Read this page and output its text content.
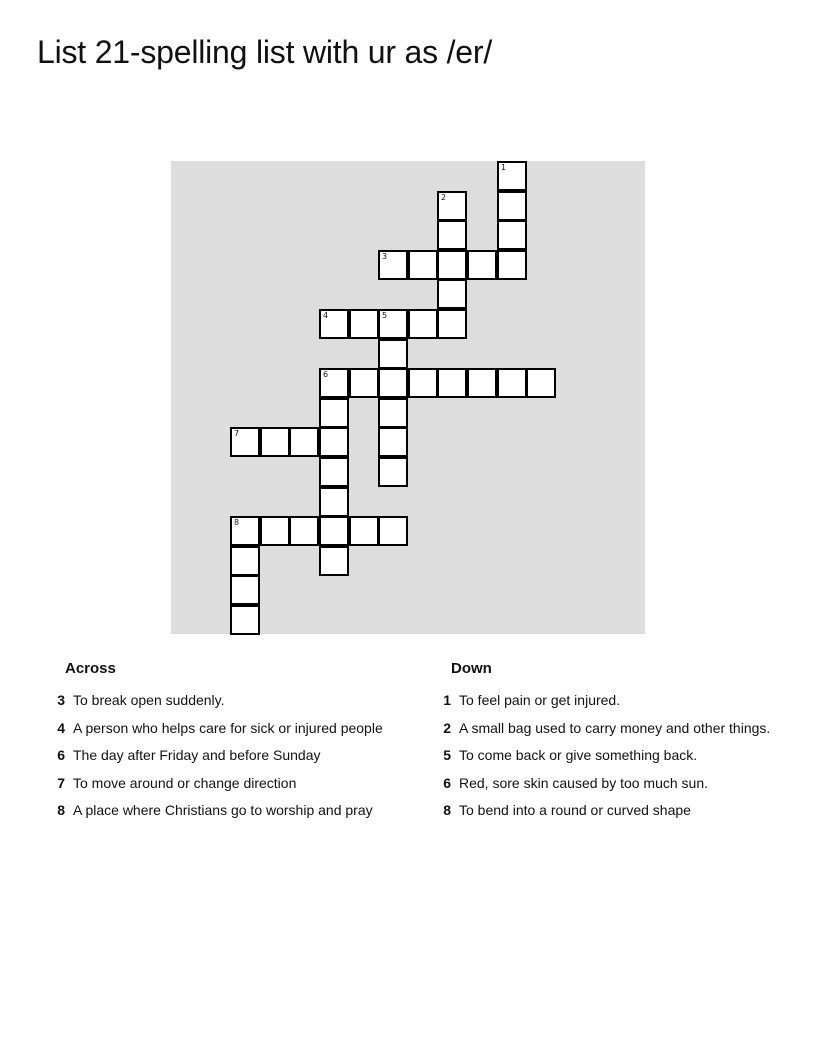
List 21-spelling list with ur as /er/
1
2
3
4	5
6
7
8
Across
3 To break open suddenly.
4 A person who helps care for sick or injured people
6 The day after Friday and before Sunday
7 To move around or change direction
8 A place where Christians go to worship and pray
Down
1 To feel pain or get injured.
2 A small bag used to carry money and other things.
5 To come back or give something back.
6 Red, sore skin caused by too much sun.
8 To bend into a round or curved shape
